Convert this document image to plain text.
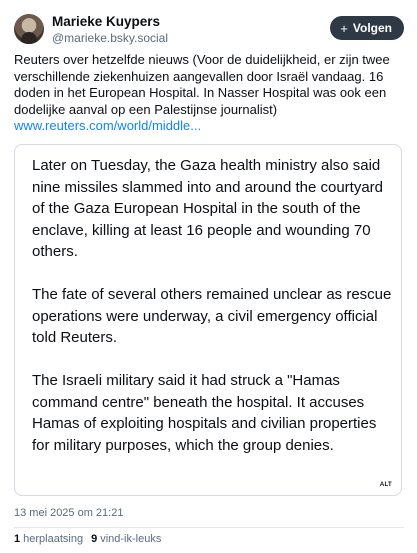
Marieke Kuypers
@marieke.bsky.social
+ Volgen
Reuters over hetzelfde nieuws (Voor de duidelijkheid, er zijn twee verschillende ziekenhuizen aangevallen door Israël vandaag. 16 doden in het European Hospital. In Nasser Hospital was ook een dodelijke aanval op een Palestijnse journalist) www.reuters.com/world/middle...

Later on Tuesday, the Gaza health ministry also said nine missiles slammed into and around the courtyard of the Gaza European Hospital in the south of the enclave, killing at least 16 people and wounding 70 others.

The fate of several others remained unclear as rescue operations were underway, a civil emergency official told Reuters.

The Israeli military said it had struck a "Hamas command centre" beneath the hospital. It accuses Hamas of exploiting hospitals and civilian properties for military purposes, which the group denies.

ALT
13 mei 2025 om 21:21
1 herplaatsing 9 vind-ik-leuks
